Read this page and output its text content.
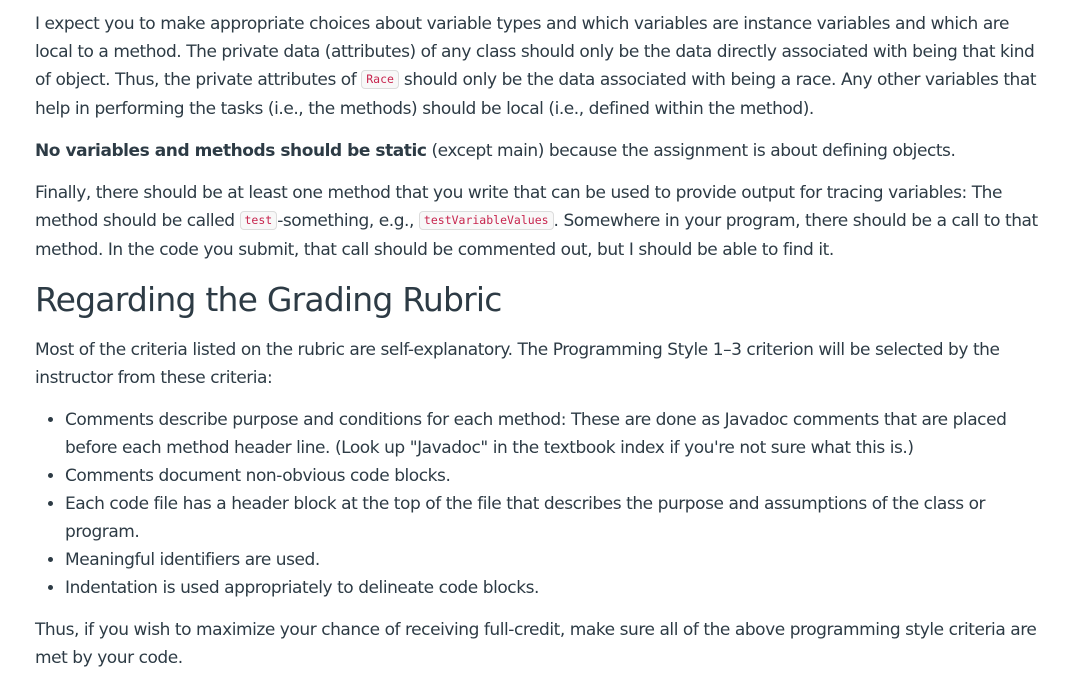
I expect you to make appropriate choices about variable types and which variables are instance variables and which are local to a method. The private data (attributes) of any class should only be the data directly associated with being that kind of object. Thus, the private attributes of Race should only be the data associated with being a race. Any other variables that help in performing the tasks (i.e., the methods) should be local (i.e., defined within the method).

No variables and methods should be static (except main) because the assignment is about defining objects.

Finally, there should be at least one method that you write that can be used to provide output for tracing variables: The method should be called test -something, e.g., testVariableValues . Somewhere in your program, there should be a call to that method. In the code you submit, that call should be commented out, but I should be able to find it.

Regarding the Grading Rubric

Most of the criteria listed on the rubric are self-explanatory. The Programming Style 1–3 criterion will be selected by the instructor from these criteria:

• Comments describe purpose and conditions for each method: These are done as Javadoc comments that are placed before each method header line. (Look up "Javadoc" in the textbook index if you're not sure what this is.)
• Comments document non-obvious code blocks.
• Each code file has a header block at the top of the file that describes the purpose and assumptions of the class or program.
• Meaningful identifiers are used.
• Indentation is used appropriately to delineate code blocks.

Thus, if you wish to maximize your chance of receiving full-credit, make sure all of the above programming style criteria are met by your code.
